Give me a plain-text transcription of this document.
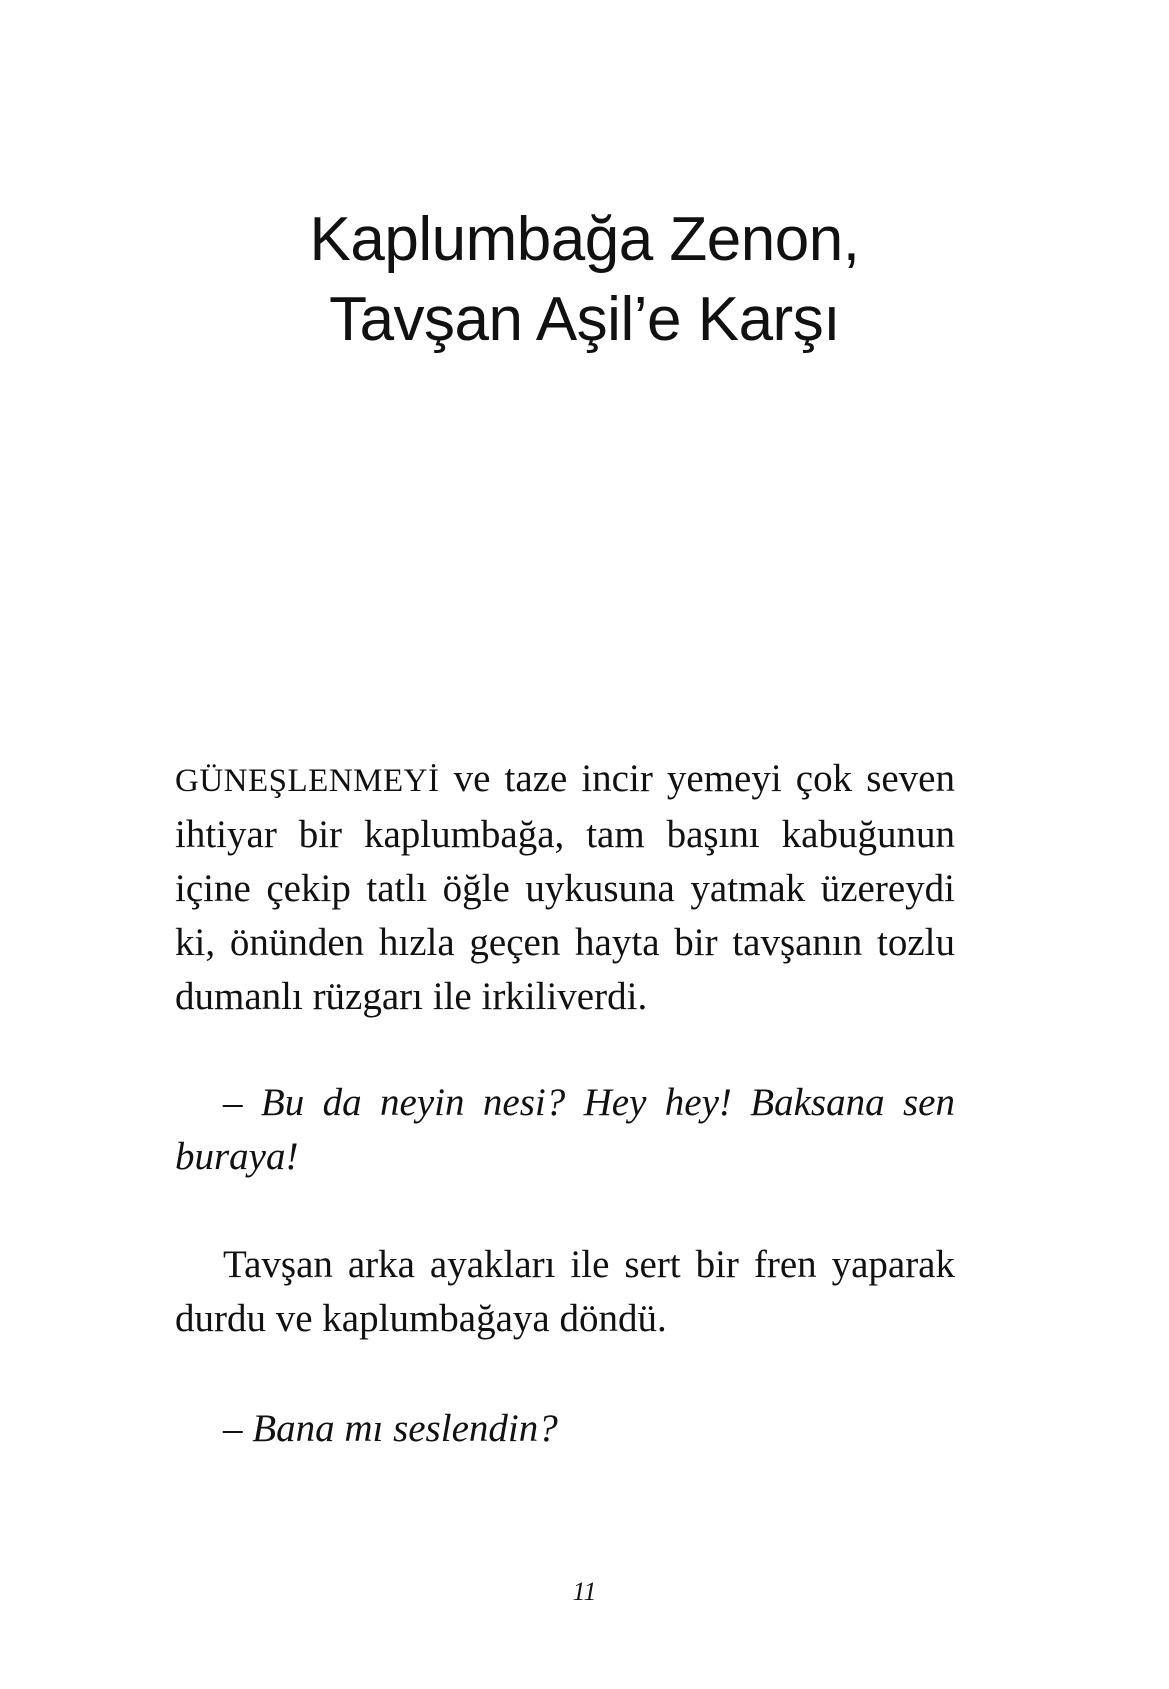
Kaplumbağa Zenon,
Tavşan Aşil’e Karşı

GÜNEŞLENMEYİ ve taze incir yemeyi çok seven ihtiyar bir kaplumbağa, tam başını kabuğunun içine çekip tatlı öğle uykusuna yatmak üzereydi ki, önünden hızla geçen hayta bir tavşanın tozlu dumanlı rüzgarı ile irkiliverdi.

– Bu da neyin nesi? Hey hey! Baksana sen buraya!

Tavşan arka ayakları ile sert bir fren yaparak durdu ve kaplumbağaya döndü.

– Bana mı seslendin?

11
